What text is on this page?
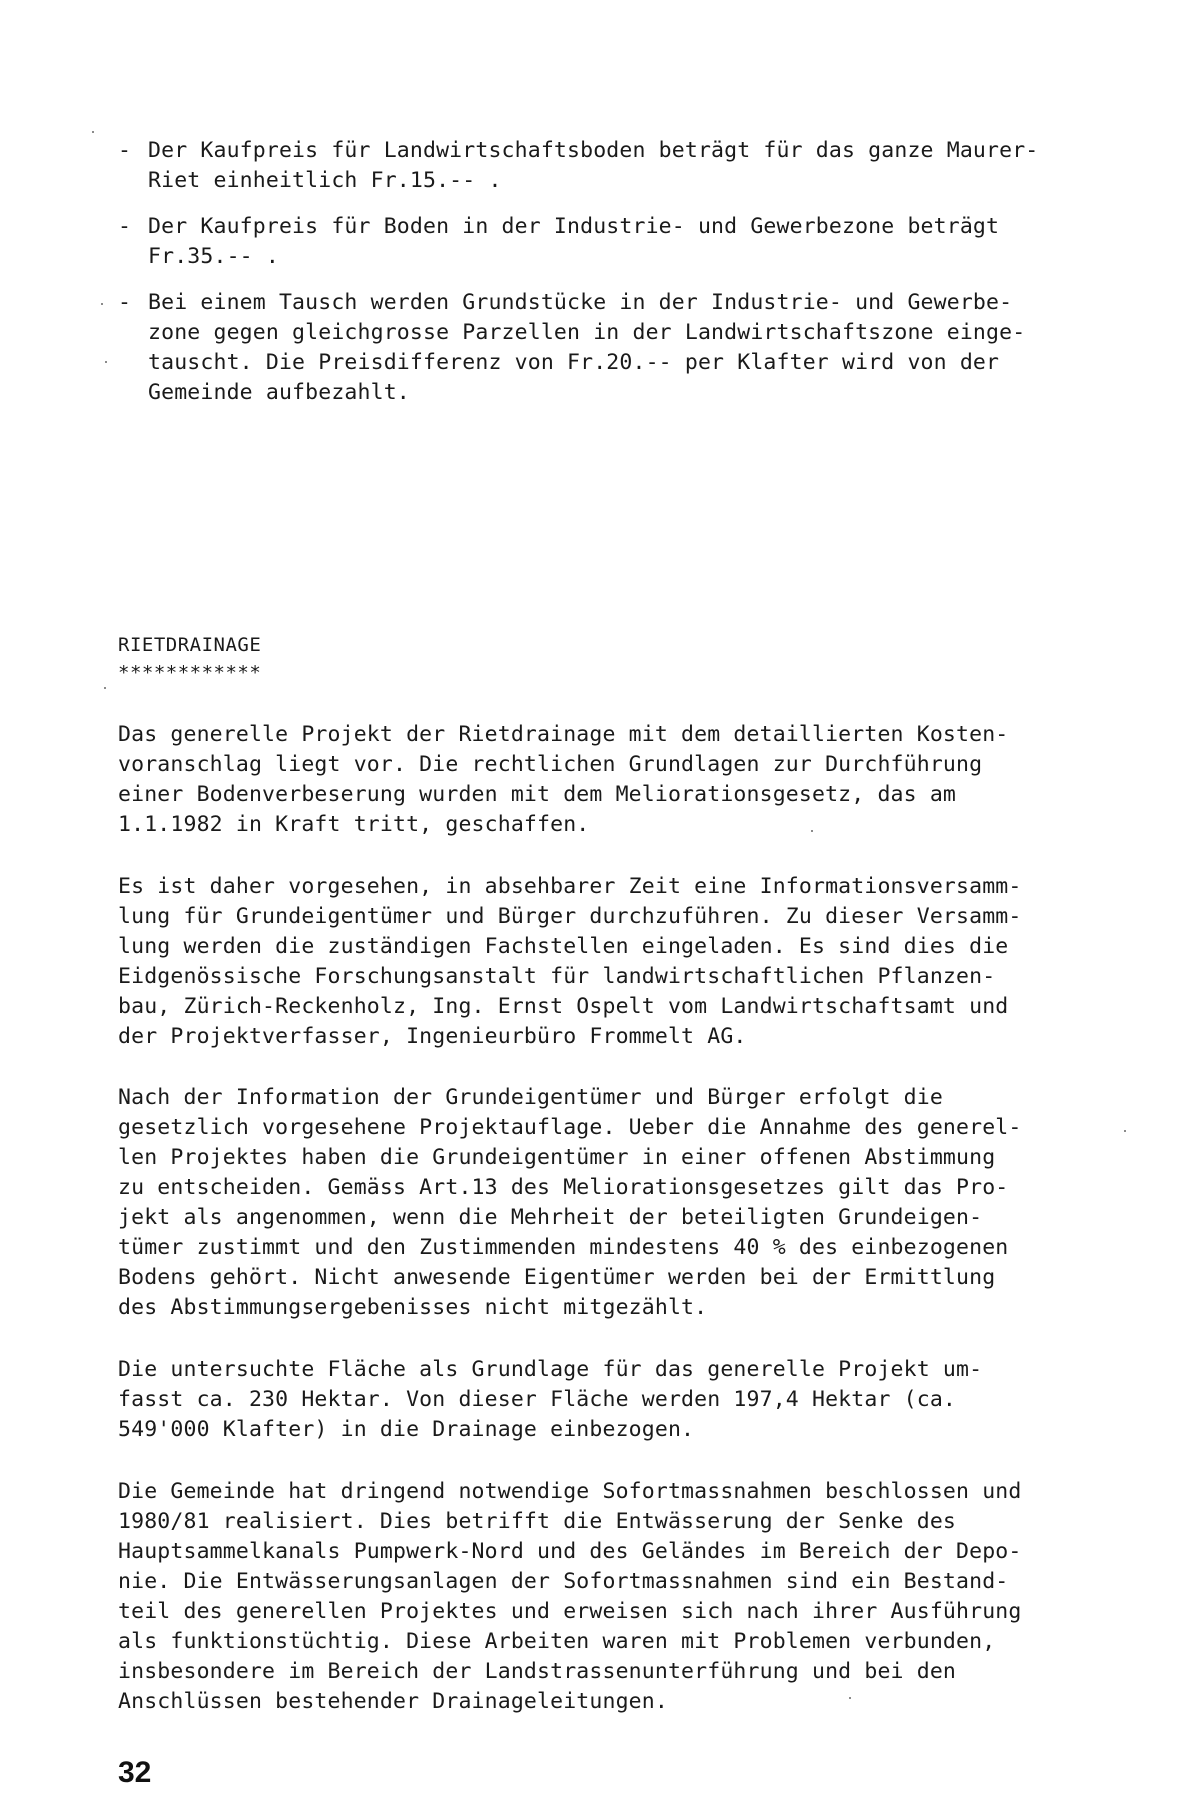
- Der Kaufpreis für Landwirtschaftsboden beträgt für das ganze Maurer-
Riet einheitlich Fr.15.-- .
- Der Kaufpreis für Boden in der Industrie- und Gewerbezone beträgt
Fr.35.-- .
- Bei einem Tausch werden Grundstücke in der Industrie- und Gewerbe-
zone gegen gleichgrosse Parzellen in der Landwirtschaftszone einge-
tauscht. Die Preisdifferenz von Fr.20.-- per Klafter wird von der
Gemeinde aufbezahlt.
RIETDRAINAGE
************
Das generelle Projekt der Rietdrainage mit dem detaillierten Kosten-
voranschlag liegt vor. Die rechtlichen Grundlagen zur Durchführung
einer Bodenverbeserung wurden mit dem Meliorationsgesetz, das am
1.1.1982 in Kraft tritt, geschaffen.
Es ist daher vorgesehen, in absehbarer Zeit eine Informationsversamm-
lung für Grundeigentümer und Bürger durchzuführen. Zu dieser Versamm-
lung werden die zuständigen Fachstellen eingeladen. Es sind dies die
Eidgenössische Forschungsanstalt für landwirtschaftlichen Pflanzen-
bau, Zürich-Reckenholz, Ing. Ernst Ospelt vom Landwirtschaftsamt und
der Projektverfasser, Ingenieurbüro Frommelt AG.
Nach der Information der Grundeigentümer und Bürger erfolgt die
gesetzlich vorgesehene Projektauflage. Ueber die Annahme des generel-
len Projektes haben die Grundeigentümer in einer offenen Abstimmung
zu entscheiden. Gemäss Art.13 des Meliorationsgesetzes gilt das Pro-
jekt als angenommen, wenn die Mehrheit der beteiligten Grundeigen-
tümer zustimmt und den Zustimmenden mindestens 40 % des einbezogenen
Bodens gehört. Nicht anwesende Eigentümer werden bei der Ermittlung
des Abstimmungsergebenisses nicht mitgezählt.
Die untersuchte Fläche als Grundlage für das generelle Projekt um-
fasst ca. 230 Hektar. Von dieser Fläche werden 197,4 Hektar (ca.
549'000 Klafter) in die Drainage einbezogen.
Die Gemeinde hat dringend notwendige Sofortmassnahmen beschlossen und
1980/81 realisiert. Dies betrifft die Entwässerung der Senke des
Hauptsammelkanals Pumpwerk-Nord und des Geländes im Bereich der Depo-
nie. Die Entwässerungsanlagen der Sofortmassnahmen sind ein Bestand-
teil des generellen Projektes und erweisen sich nach ihrer Ausführung
als funktionstüchtig. Diese Arbeiten waren mit Problemen verbunden,
insbesondere im Bereich der Landstrassenunterführung und bei den
Anschlüssen bestehender Drainageleitungen.
32
